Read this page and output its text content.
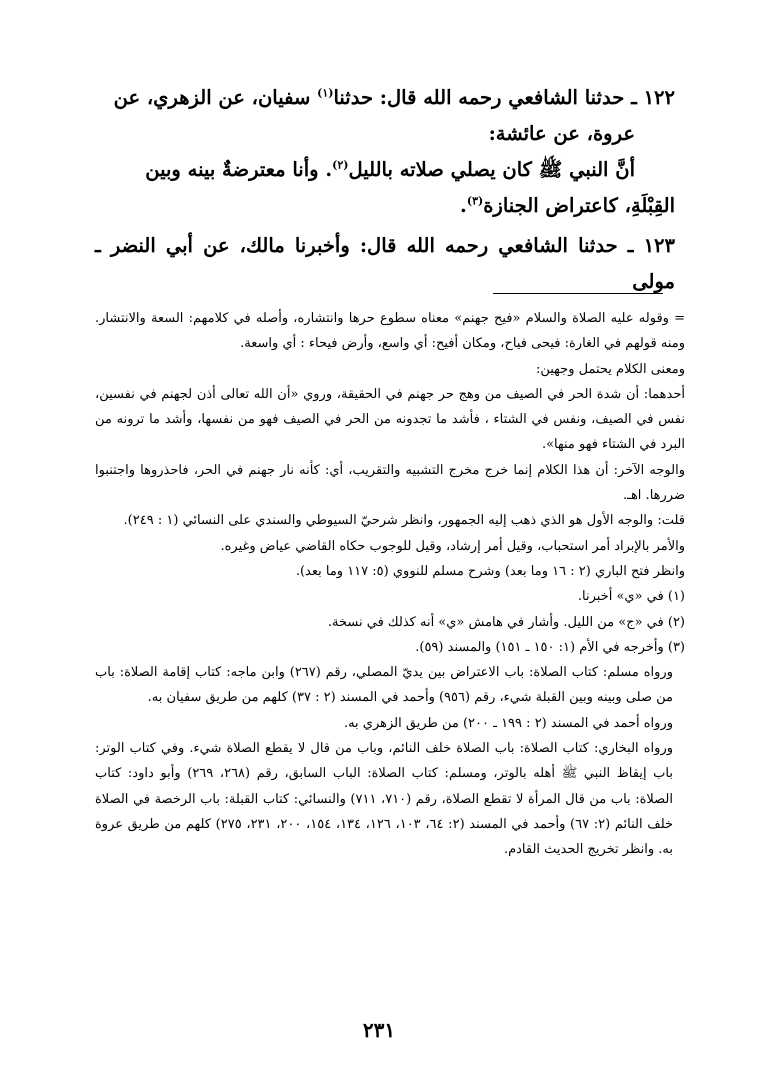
١٢٢ ـ حدثنا الشافعي رحمه الله قال: حدثنا$^{(١)}$ سفيان، عن الزهري، عن

عروة، عن عائشة:

أنَّ النبي ﷺ كان يصلي صلاته بالليل$^{(٢)}$. وأنا معترضةٌ بينه وبين

القِبْلَةِ، كاعتراض الجنازة$^{(٣)}$.

١٢٣ ـ حدثنا الشافعي رحمه الله قال: وأخبرنا مالك، عن أبي النضر ـ مولى

= وقوله عليه الصلاة والسلام «فيح جهنم» معناه سطوع حرها وانتشاره، وأصله في كلامهم: السعة والانتشار. ومنه قولهم في الغارة: فيحى فياح، ومكان أفيح: أي واسع، وأرض فيحاء : أي واسعة.

ومعنى الكلام يحتمل وجهين:

أحدهما: أن شدة الحر في الصيف من وهج حر جهنم في الحقيقة، وروي «أن الله تعالى أذن لجهنم في نفسين، نفس في الصيف، ونفس في الشتاء ، فأشد ما تجدونه من الحر في الصيف فهو من نفسها، وأشد ما ترونه من البرد في الشتاء فهو منها».

والوجه الآخر: أن هذا الكلام إنما خرج مخرج التشبيه والتقريب، أي: كأنه نار جهنم في الحر، فاحذروها واجتنبوا ضررها. اهـ.

قلت: والوجه الأول هو الذي ذهب إليه الجمهور، وانظر شرحيّ السيوطي والسندي على النسائي (١ : ٢٤٩).

والأمر بالإبراد أمر استحباب، وقيل أمر إرشاد، وقيل للوجوب حكاه القاضي عياض وغيره.

وانظر فتح الباري (٢ : ١٦ وما بعد) وشرح مسلم للنووي (٥: ١١٧ وما بعد).

(١) في «ي» أخبرنا.

(٢) في «ج» من الليل. وأشار في هامش «ي» أنه كذلك في نسخة.

(٣) وأخرجه في الأم (١: ١٥٠ ـ ١٥١) والمسند (٥٩).

ورواه مسلم: كتاب الصلاة: باب الاعتراض بين يديّ المصلي، رقم (٢٦٧) وابن ماجه: كتاب إقامة الصلاة: باب من صلى وبينه وبين القبلة شيء، رقم (٩٥٦) وأحمد في المسند (٢ : ٣٧) كلهم من طريق سفيان به.

ورواه أحمد في المسند (٢ : ١٩٩ ـ ٢٠٠) من طريق الزهري به.

ورواه البخاري: كتاب الصلاة: باب الصلاة خلف النائم، وباب من قال لا يقطع الصلاة شيء. وفي كتاب الوتر: باب إيقاظ النبي ﷺ أهله بالوتر، ومسلم: كتاب الصلاة: الباب السابق، رقم (٢٦٨، ٢٦٩) وأبو داود: كتاب الصلاة: باب من قال المرأة لا تقطع الصلاة، رقم (٧١٠، ٧١١) والنسائي: كتاب القبلة: باب الرخصة في الصلاة خلف النائم (٢: ٦٧) وأحمد في المسند (٢: ٦٤، ١٠٣، ١٢٦، ١٣٤، ١٥٤، ٢٠٠، ٢٣١، ٢٧٥) كلهم من طريق عروة به. وانظر تخريج الحديث القادم.

٢٣١
